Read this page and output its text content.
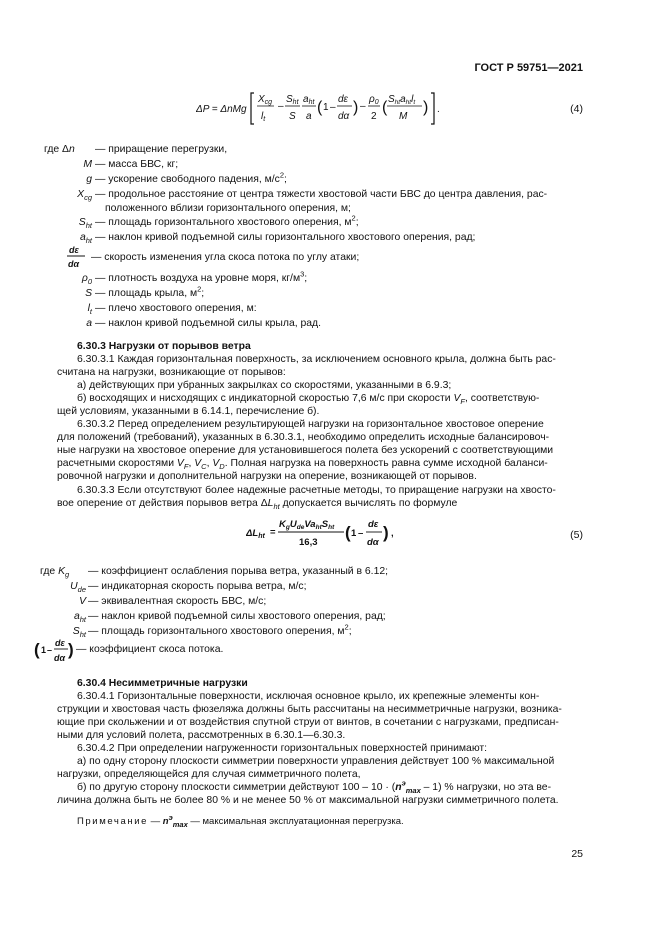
ГОСТ Р 59751—2021
ΔP = ΔnMg
$X_{cg}$
$l_t$
–
$S_{ht}$
S
$a_{ht}$
a
( 1 –
dε
dα
) –
$\rho_0$
2
( $S_{ht}a_{ht}l_t$
M
) .	(4)
где Δn — приращение перегрузки,
M — масса БВС, кг;
g — ускорение свободного падения, $м/с^2$;
$X_{cg}$ — продольное расстояние от центра тяжести хвостовой части БВС до центра давления, рас-
положенного вблизи горизонтального оперения, м;
$S_{ht}$ — площадь горизонтального хвостового оперения, $м^2$;
$a_{ht}$ — наклон кривой подъемной силы горизонтального хвостового оперения, рад;
dε
dα
— скорость изменения угла скоса потока по углу атаки;
$\rho_0$ — плотность воздуха на уровне моря, $кг/м^3$;
S — площадь крыла, $м^2$;
$l_t$ — плечо хвостового оперения, м:
a — наклон кривой подъемной силы крыла, рад.
6.30.3 Нагрузки от порывов ветра
6.30.3.1 Каждая горизонтальная поверхность, за исключением основного крыла, должна быть рас-
считана на нагрузки, возникающие от порывов:
а) действующих при убранных закрылках со скоростями, указанными в 6.9.3;
б) восходящих и нисходящих с индикаторной скоростью 7,6 м/с при скорости $V_F$, соответствую-
щей условиям, указанными в 6.14.1, перечисление б).
6.30.3.2 Перед определением результирующей нагрузки на горизонтальное хвостовое оперение
для положений (требований), указанных в 6.30.3.1, необходимо определить исходные балансировоч-
ные нагрузки на хвостовое оперение для установившегося полета без ускорений с соответствующими
расчетными скоростями $V_F$, $V_C$, $V_D$. Полная нагрузка на поверхность равна сумме исходной баланси-
ровочной нагрузки и дополнительной нагрузки на оперение, возникающей от порывов.
6.30.3.3 Если отсутствуют более надежные расчетные методы, то приращение нагрузки на хвосто-
вое оперение от действия порывов ветра $\Delta L_{ht}$ допускается вычислять по формуле
$\Delta L_{ht}$ =
$K_gU_{de}Va_{ht}S_{ht}$
16,3
( 1 –
dε
dα
) ,	(5)
где $K_g$ — коэффициент ослабления порыва ветра, указанный в 6.12;
$U_{de}$ — индикаторная скорость порыва ветра, м/с;
V — эквивалентная скорость БВС, м/с;
$a_{ht}$ — наклон кривой подъемной силы хвостового оперения, рад;
$S_{ht}$ — площадь горизонтального хвостового оперения, $м^2$;
( 1 –
dε
dα ) — коэффициент скоса потока.
6.30.4 Несимметричные нагрузки
6.30.4.1 Горизонтальные поверхности, исключая основное крыло, их крепежные элементы кон-
струкции и хвостовая часть фюзеляжа должны быть рассчитаны на несимметричные нагрузки, возника-
ющие при скольжении и от воздействия спутной струи от винтов, в сочетании с нагрузками, предписан-
ными для условий полета, рассмотренных в 6.30.1—6.30.3.
6.30.4.2 При определении нагруженности горизонтальных поверхностей принимают:
а) по одну сторону плоскости симметрии поверхности управления действует 100 % максимальной
нагрузки, определяющейся для случая симметричного полета,
б) по другую сторону плоскости симметрии действуют $100 - 10 \cdot (n^э_{max} - 1)$ % нагрузки, но эта ве-
личина должна быть не более 80 % и не менее 50 % от максимальной нагрузки симметричного полета.
Примечание — $n^э_{max}$ — максимальная эксплуатационная перегрузка.
25
